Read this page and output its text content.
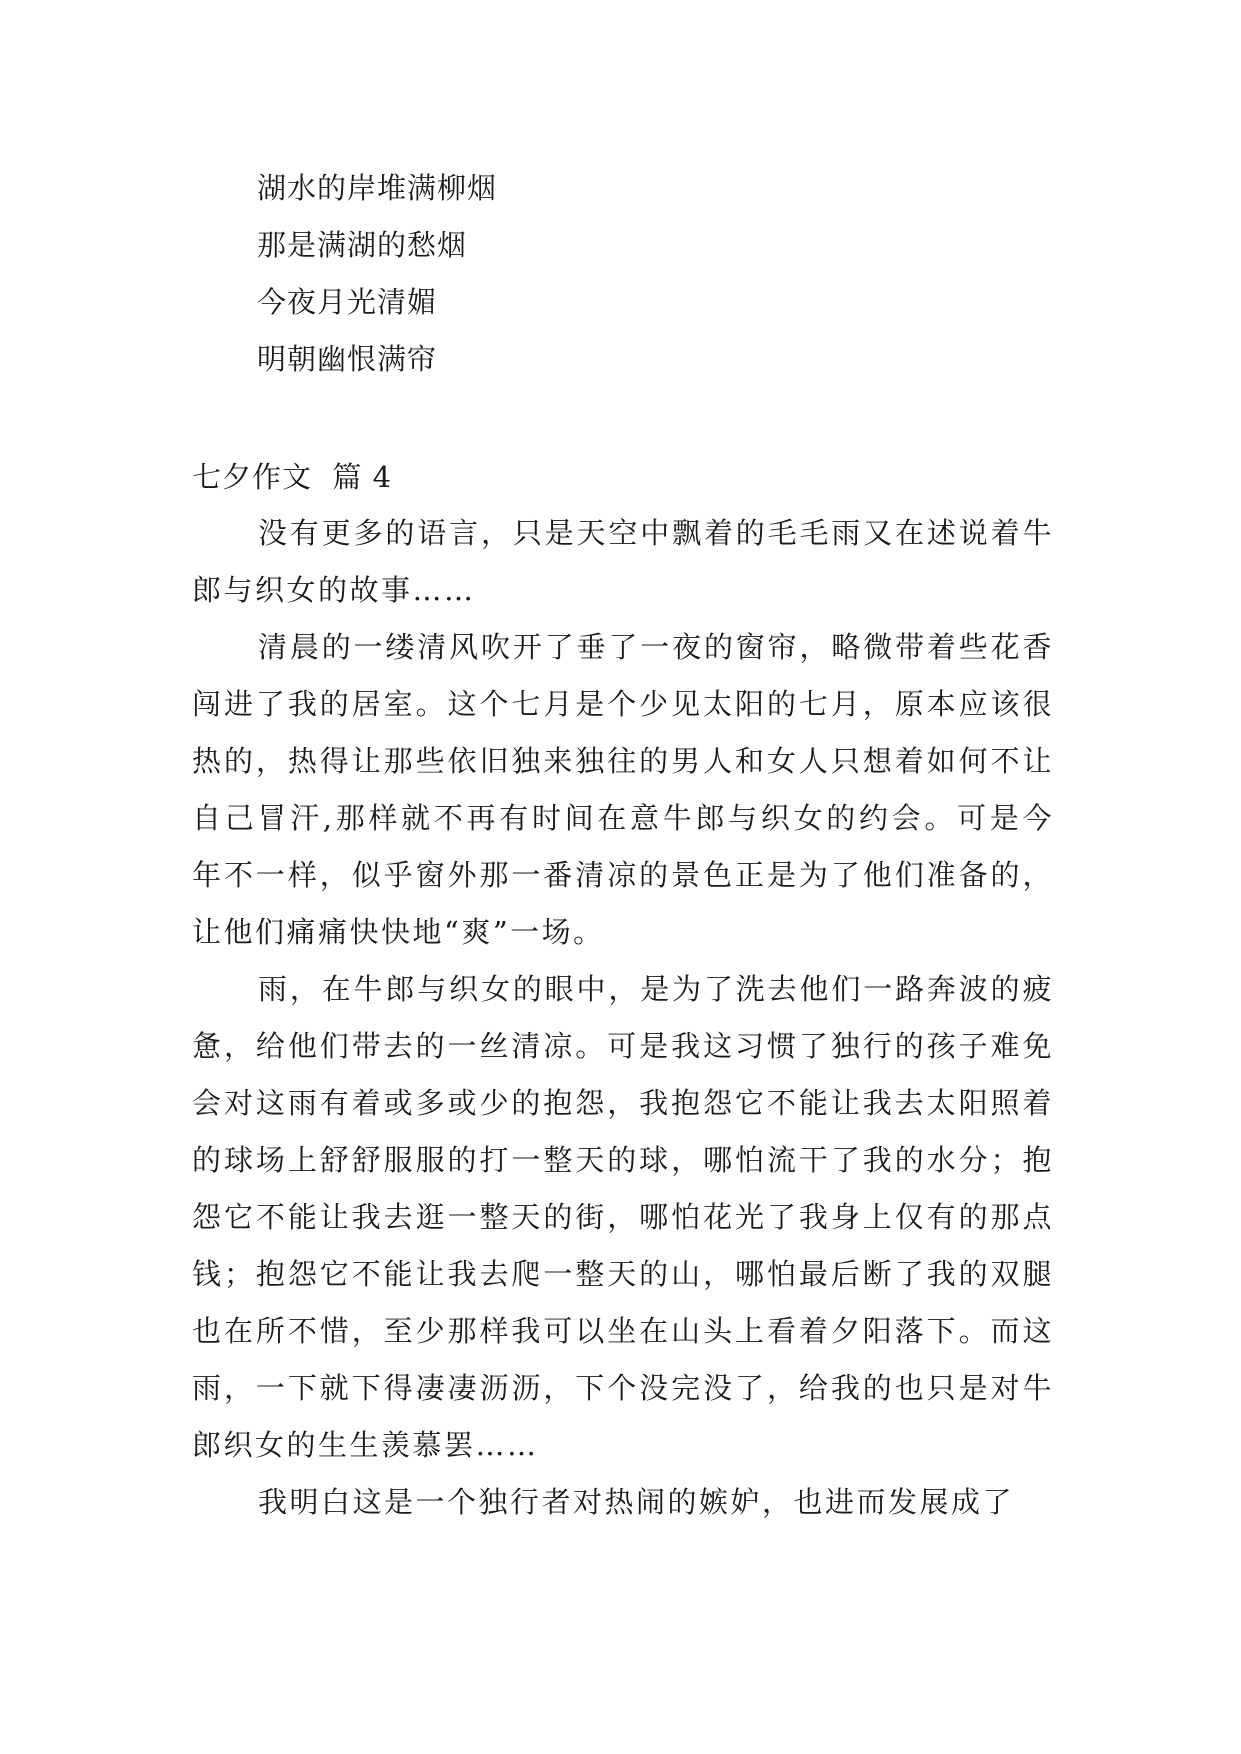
湖水的岸堆满柳烟
那是满湖的愁烟
今夜月光清媚
明朝幽恨满帘
七夕作文  篇 4

没有更多的语言，只是天空中飘着的毛毛雨又在述说着牛郎与织女的故事……

清晨的一缕清风吹开了垂了一夜的窗帘，略微带着些花香闯进了我的居室。这个七月是个少见太阳的七月，原本应该很热的，热得让那些依旧独来独往的男人和女人只想着如何不让自己冒汗,那样就不再有时间在意牛郎与织女的约会。可是今年不一样，似乎窗外那一番清凉的景色正是为了他们准备的，让他们痛痛快快地“爽”一场。

雨，在牛郎与织女的眼中，是为了洗去他们一路奔波的疲惫，给他们带去的一丝清凉。可是我这习惯了独行的孩子难免会对这雨有着或多或少的抱怨，我抱怨它不能让我去太阳照着的球场上舒舒服服的打一整天的球，哪怕流干了我的水分；抱怨它不能让我去逛一整天的街，哪怕花光了我身上仅有的那点钱；抱怨它不能让我去爬一整天的山，哪怕最后断了我的双腿也在所不惜，至少那样我可以坐在山头上看着夕阳落下。而这雨，一下就下得凄凄沥沥，下个没完没了，给我的也只是对牛郎织女的生生羡慕罢……

我明白这是一个独行者对热闹的嫉妒，也进而发展成了
